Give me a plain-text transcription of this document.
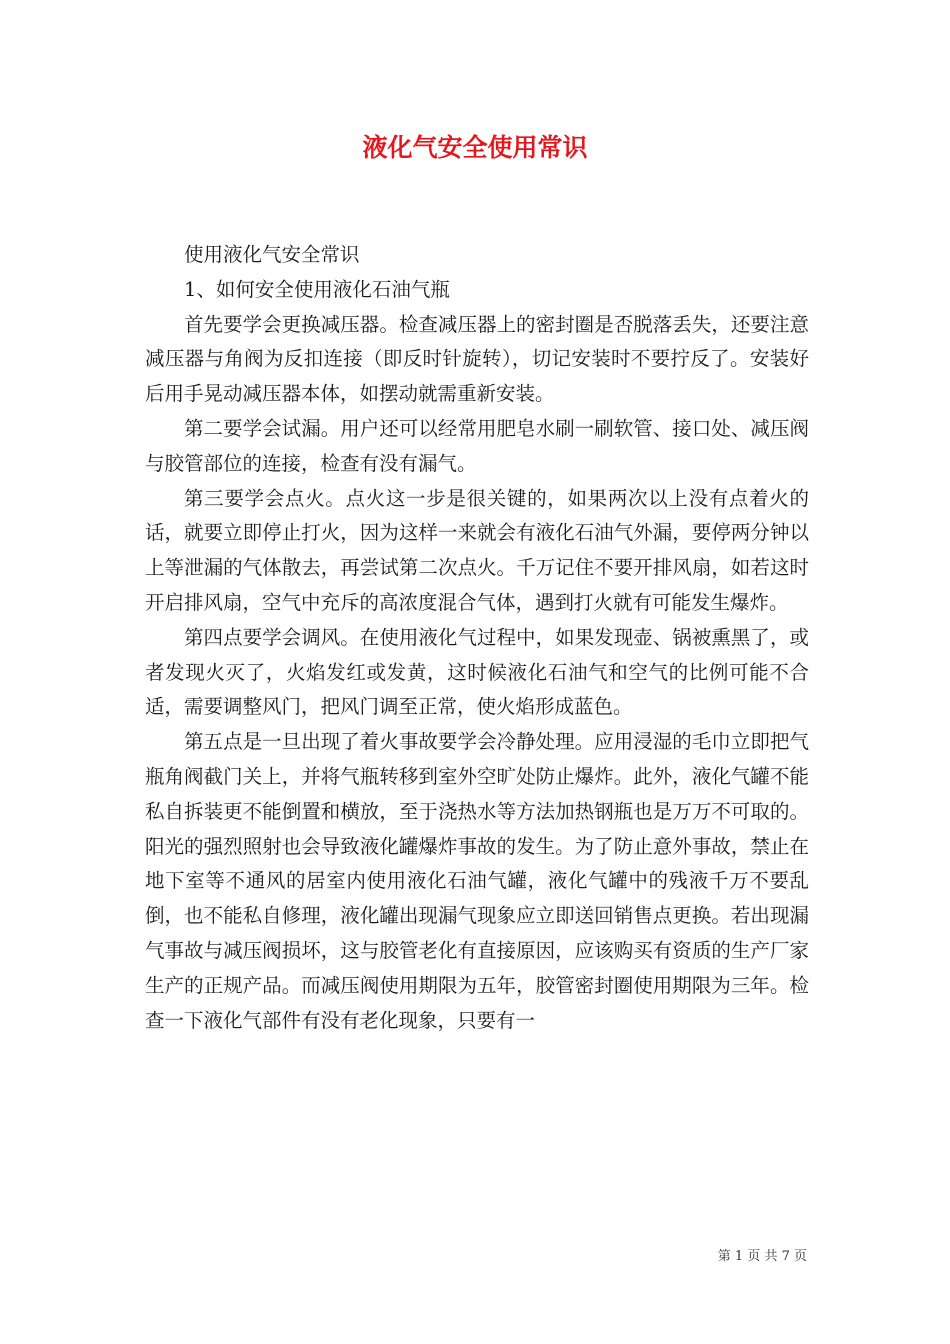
液化气安全使用常识

使用液化气安全常识

1、如何安全使用液化石油气瓶

首先要学会更换减压器。检查减压器上的密封圈是否脱落丢失，还要注意减压器与角阀为反扣连接（即反时针旋转），切记安装时不要拧反了。安装好后用手晃动减压器本体，如摆动就需重新安装。

第二要学会试漏。用户还可以经常用肥皂水刷一刷软管、接口处、减压阀与胶管部位的连接，检查有没有漏气。

第三要学会点火。点火这一步是很关键的，如果两次以上没有点着火的话，就要立即停止打火，因为这样一来就会有液化石油气外漏，要停两分钟以上等泄漏的气体散去，再尝试第二次点火。千万记住不要开排风扇，如若这时开启排风扇，空气中充斥的高浓度混合气体，遇到打火就有可能发生爆炸。

第四点要学会调风。在使用液化气过程中，如果发现壶、锅被熏黑了，或者发现火灭了，火焰发红或发黄，这时候液化石油气和空气的比例可能不合适，需要调整风门，把风门调至正常，使火焰形成蓝色。

第五点是一旦出现了着火事故要学会冷静处理。应用浸湿的毛巾立即把气瓶角阀截门关上，并将气瓶转移到室外空旷处防止爆炸。此外，液化气罐不能私自拆装更不能倒置和横放，至于浇热水等方法加热钢瓶也是万万不可取的。阳光的强烈照射也会导致液化罐爆炸事故的发生。为了防止意外事故，禁止在地下室等不通风的居室内使用液化石油气罐，液化气罐中的残液千万不要乱倒，也不能私自修理，液化罐出现漏气现象应立即送回销售点更换。若出现漏气事故与减压阀损坏，这与胶管老化有直接原因，应该购买有资质的生产厂家生产的正规产品。而减压阀使用期限为五年，胶管密封圈使用期限为三年。检查一下液化气部件有没有老化现象，只要有一

第 1 页 共 7 页
